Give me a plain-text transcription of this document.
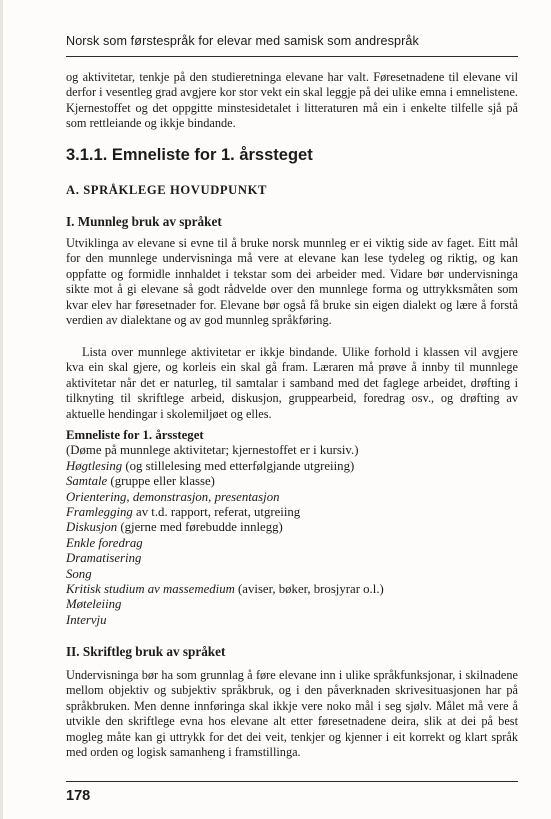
Norsk som førstespråk for elevar med samisk som andrespråk

og aktivitetar, tenkje på den studieretninga elevane har valt. Føresetnadene til elevane vil derfor i vesentleg grad avgjere kor stor vekt ein skal leggje på dei ulike emna i emnelistene. Kjernestoffet og det oppgitte minstesidetalet i litteraturen må ein i enkelte tilfelle sjå på som rettleiande og ikkje bindande.

3.1.1. Emneliste for 1. årssteget
A. SPRÅKLEGE HOVUDPUNKT
I. Munnleg bruk av språket

Utviklinga av elevane si evne til å bruke norsk munnleg er ei viktig side av faget. Eitt mål for den munnlege undervisninga må vere at elevane kan lese tydeleg og riktig, og kan oppfatte og formidle innhaldet i tekstar som dei arbeider med. Vidare bør undervisninga sikte mot å gi elevane så godt rådvelde over den munnlege forma og uttrykksmåten som kvar elev har føresetnader for. Elevane bør også få bruke sin eigen dialekt og lære å forstå verdien av dialektane og av god munnleg språkføring.

Lista over munnlege aktivitetar er ikkje bindande. Ulike forhold i klassen vil avgjere kva ein skal gjere, og korleis ein skal gå fram. Læraren må prøve å innby til munnlege aktivitetar når det er naturleg, til samtalar i samband med det faglege arbeidet, drøfting i tilknyting til skriftlege arbeid, diskusjon, gruppearbeid, foredrag osv., og drøfting av aktuelle hendingar i skolemiljøet og elles.

Emneliste for 1. årssteget
(Døme på munnlege aktivitetar; kjernestoffet er i kursiv.)
Høgtlesing (og stillelesing med etterfølgjande utgreiing)
Samtale (gruppe eller klasse)
Orientering, demonstrasjon, presentasjon
Framlegging av t.d. rapport, referat, utgreiing
Diskusjon (gjerne med førebudde innlegg)
Enkle foredrag
Dramatisering
Song
Kritisk studium av massemedium (aviser, bøker, brosjyrar o.l.)
Møteleiing
Intervju
II. Skriftleg bruk av språket

Undervisninga bør ha som grunnlag å føre elevane inn i ulike språkfunksjonar, i skilnadene mellom objektiv og subjektiv språkbruk, og i den påverknaden skrivesituasjonen har på språkbruken. Men denne innføringa skal ikkje vere noko mål i seg sjølv. Målet må vere å utvikle den skriftlege evna hos elevane alt etter føresetnadene deira, slik at dei på best mogleg måte kan gi uttrykk for det dei veit, tenkjer og kjenner i eit korrekt og klart språk med orden og logisk samanheng i framstillinga.

178
